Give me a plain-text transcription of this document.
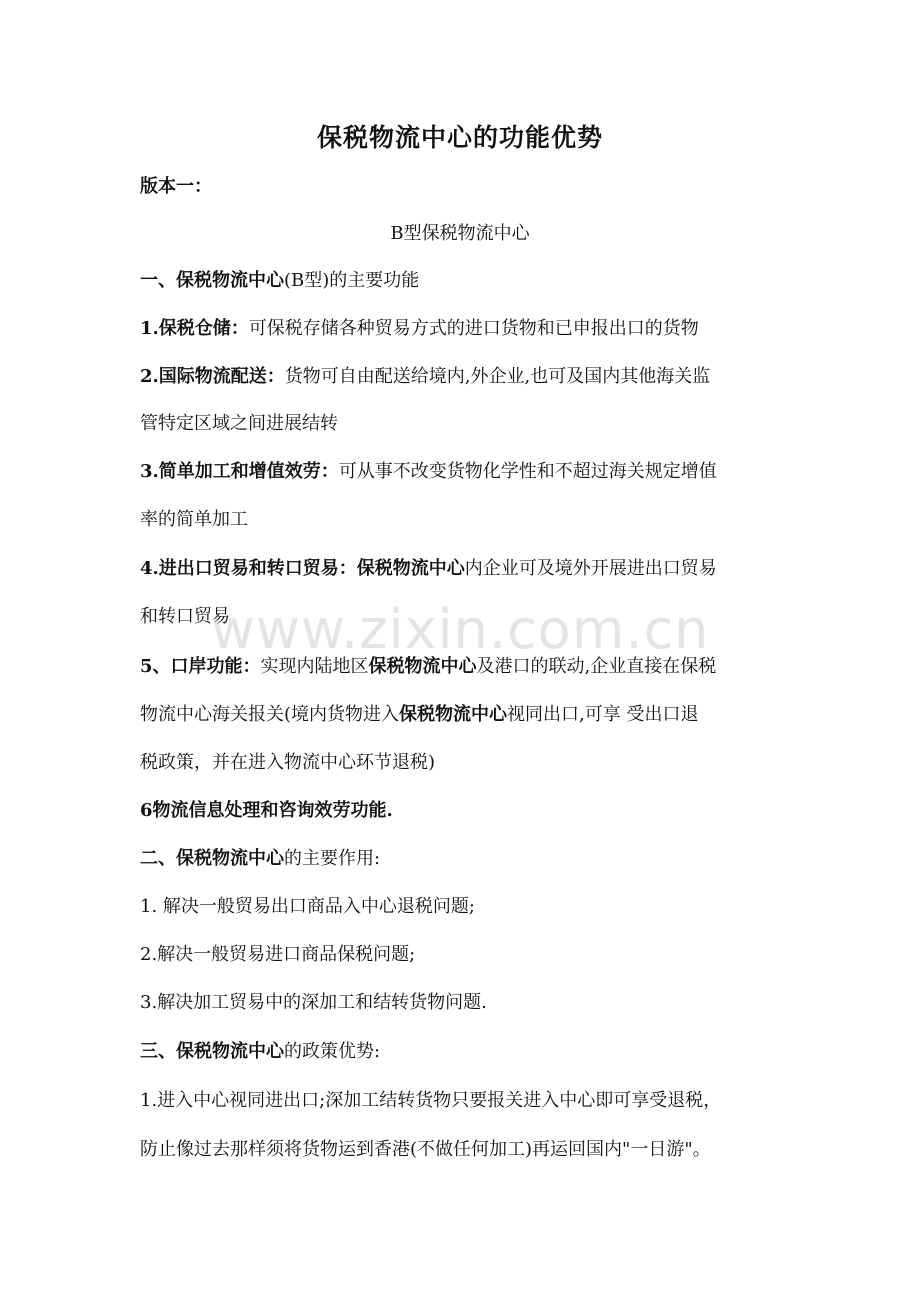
保税物流中心的功能优势
版本一：
B型保税物流中心
一、保税物流中心(B型)的主要功能
1.保税仓储：可保税存储各种贸易方式的进口货物和已申报出口的货物
2.国际物流配送：货物可自由配送给境内,外企业,也可及国内其他海关监
管特定区域之间进展结转
3.简单加工和增值效劳：可从事不改变货物化学性和不超过海关规定增值
率的简单加工
4.进出口贸易和转口贸易：保税物流中心内企业可及境外开展进出口贸易
和转口贸易
5、口岸功能：实现内陆地区保税物流中心及港口的联动,企业直接在保税
物流中心海关报关(境内货物进入保税物流中心视同出口,可享 受出口退
税政策，并在进入物流中心环节退税)
6物流信息处理和咨询效劳功能.
二、保税物流中心的主要作用:
1. 解决一般贸易出口商品入中心退税问题;
2.解决一般贸易进口商品保税问题;
3.解决加工贸易中的深加工和结转货物问题.
三、保税物流中心的政策优势:
1.进入中心视同进出口;深加工结转货物只要报关进入中心即可享受退税，
防止像过去那样须将货物运到香港(不做任何加工)再运回国内"一日游"。
www.zixin.com.cn
